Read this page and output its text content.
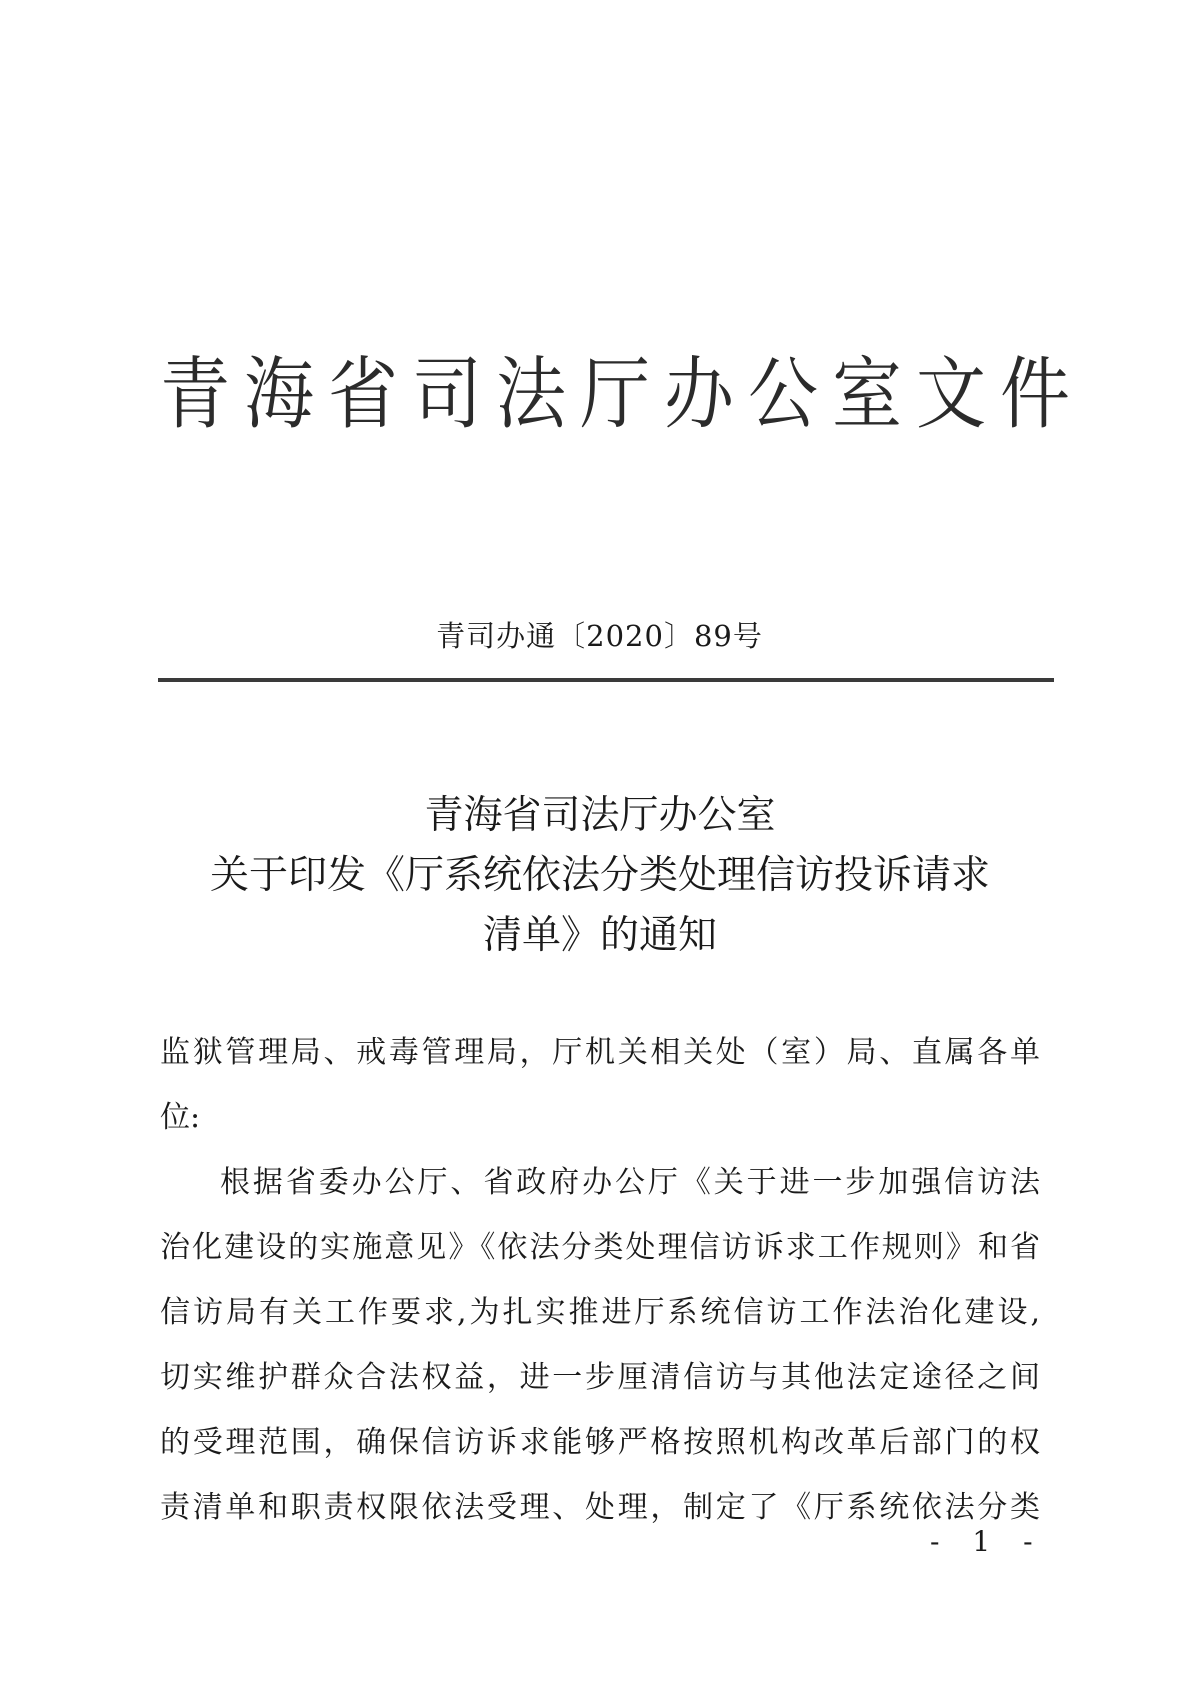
青海省司法厅办公室文件
青司办通〔2020〕89号
青海省司法厅办公室
关于印发《厅系统依法分类处理信访投诉请求
清单》的通知
监狱管理局、戒毒管理局，厅机关相关处（室）局、直属各单
位:
根据省委办公厅、省政府办公厅《关于进一步加强信访法
治化建设的实施意见》《依法分类处理信访诉求工作规则》和省
信访局有关工作要求,为扎实推进厅系统信访工作法治化建设,
切实维护群众合法权益，进一步厘清信访与其他法定途径之间
的受理范围，确保信访诉求能够严格按照机构改革后部门的权
责清单和职责权限依法受理、处理，制定了《厅系统依法分类
- 1 -
